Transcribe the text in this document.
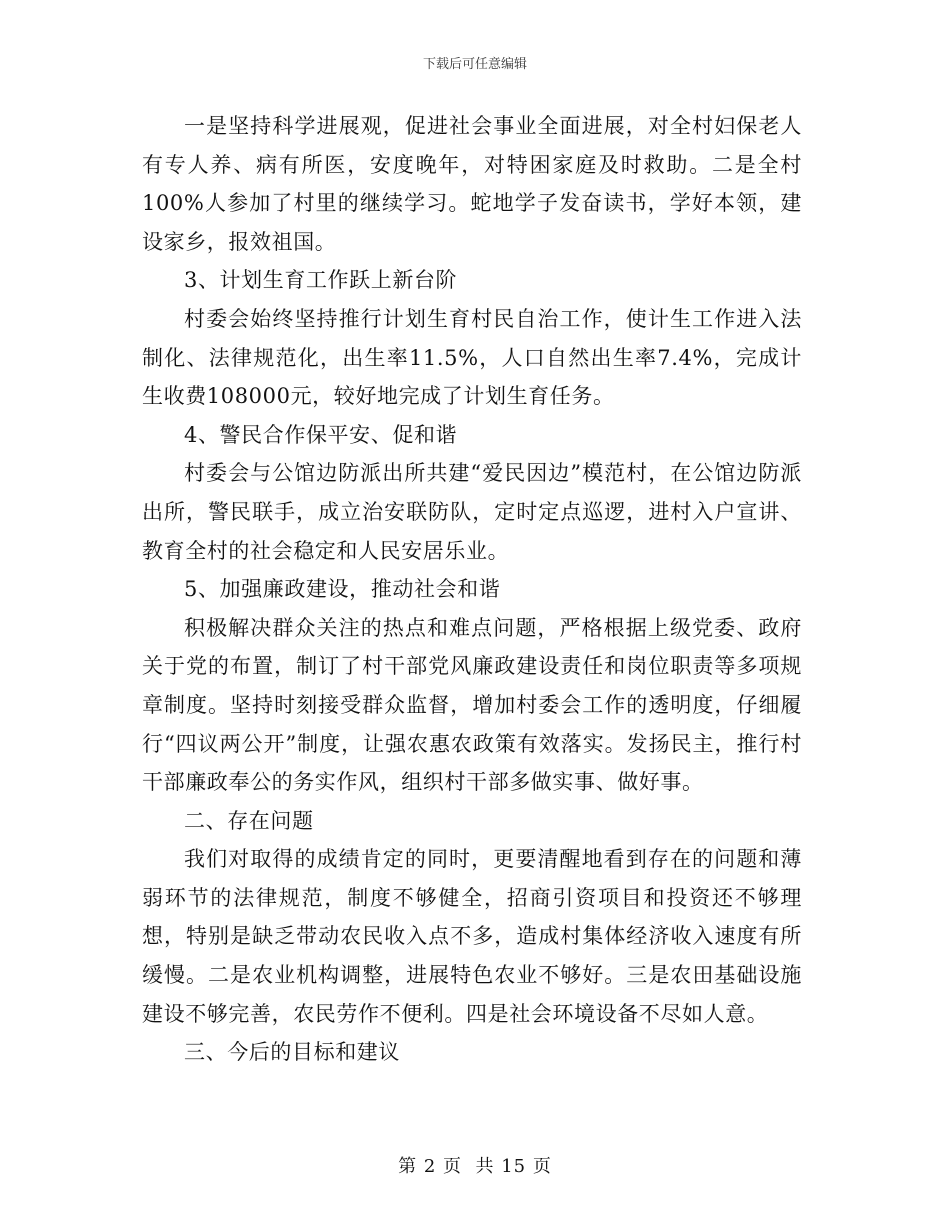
下载后可任意编辑

一是坚持科学进展观，促进社会事业全面进展，对全村妇保老人有专人养、病有所医，安度晚年，对特困家庭及时救助。二是全村100%人参加了村里的继续学习。蛇地学子发奋读书，学好本领，建设家乡，报效祖国。

3、计划生育工作跃上新台阶

村委会始终坚持推行计划生育村民自治工作，使计生工作进入法制化、法律规范化，出生率11.5%，人口自然出生率7.4%，完成计生收费108000元，较好地完成了计划生育任务。

4、警民合作保平安、促和谐

村委会与公馆边防派出所共建“爱民因边”模范村，在公馆边防派出所，警民联手，成立治安联防队，定时定点巡逻，进村入户宣讲、教育全村的社会稳定和人民安居乐业。

5、加强廉政建设，推动社会和谐

积极解决群众关注的热点和难点问题，严格根据上级党委、政府关于党的布置，制订了村干部党风廉政建设责任和岗位职责等多项规章制度。坚持时刻接受群众监督，增加村委会工作的透明度，仔细履行“四议两公开”制度，让强农惠农政策有效落实。发扬民主，推行村干部廉政奉公的务实作风，组织村干部多做实事、做好事。

二、存在问题

我们对取得的成绩肯定的同时，更要清醒地看到存在的问题和薄弱环节的法律规范，制度不够健全，招商引资项目和投资还不够理想，特别是缺乏带动农民收入点不多，造成村集体经济收入速度有所缓慢。二是农业机构调整，进展特色农业不够好。三是农田基础设施建设不够完善，农民劳作不便利。四是社会环境设备不尽如人意。

三、今后的目标和建议

第 2 页  共 15 页
